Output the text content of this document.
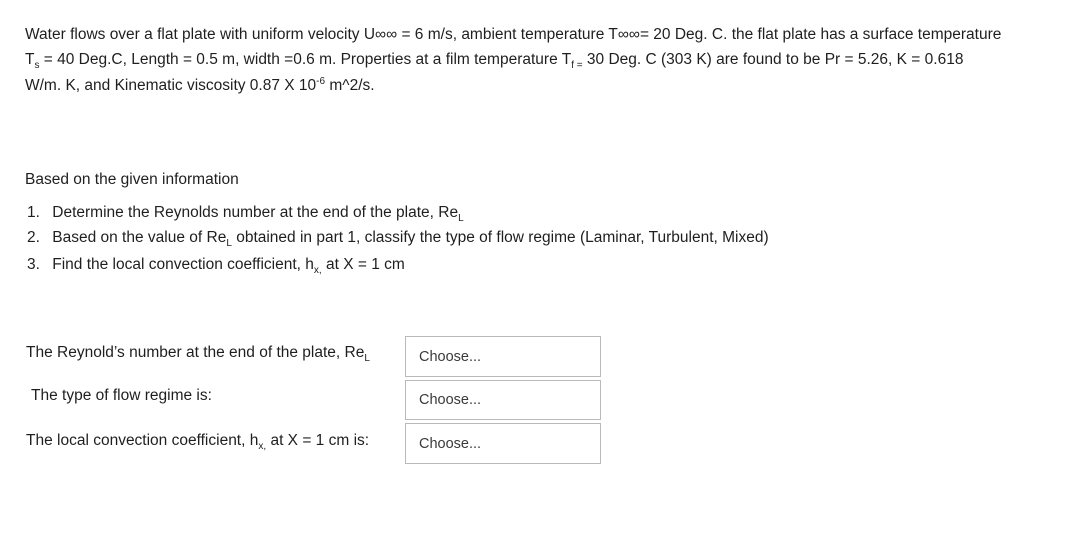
Water flows over a flat plate with uniform velocity U∞∞ = 6 m/s, ambient temperature T∞∞= 20 Deg. C. the flat plate has a surface temperature
$T_s = 40$ Deg.C, Length = 0.5 m, width =0.6 m. Properties at a film temperature $T_{f =}$ 30 Deg. C (303 K) are found to be Pr = 5.26, K = 0.618
W/m. K, and Kinematic viscosity 0.87 X $10^{-6}$ m^2/s.
Based on the given information
1. Determine the Reynolds number at the end of the plate, $Re_L$
2. Based on the value of $Re_L$ obtained in part 1, classify the type of flow regime (Laminar, Turbulent, Mixed)
3. Find the local convection coefficient, $h_{x,}$ at X = 1 cm
The Reynold’s number at the end of the plate, $Re_L$	Choose...
The type of flow regime is:	Choose...
The local convection coefficient, $h_{x,}$ at X = 1 cm is:	Choose...
